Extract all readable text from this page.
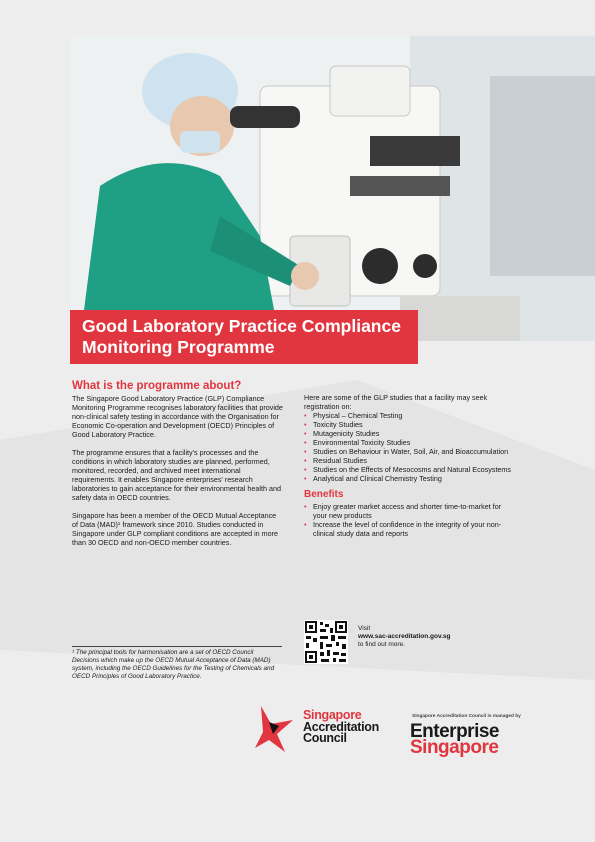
Good Laboratory Practice Compliance
Monitoring Programme
What is the programme about?

The Singapore Good Laboratory Practice (GLP) Compliance Monitoring Programme recognises laboratory facilities that provide non-clinical safety testing in accordance with the Organisation for Economic Co-operation and Development (OECD) Principles of Good Laboratory Practice.

The programme ensures that a facility's processes and the conditions in which laboratory studies are planned, performed, monitored, recorded, and archived meet international requirements. It enables Singapore enterprises' research laboratories to gain acceptance for their environmental health and safety data in OECD countries.

Singapore has been a member of the OECD Mutual Acceptance of Data (MAD)¹ framework since 2010. Studies conducted in Singapore under GLP compliant conditions are accepted in more than 30 OECD and non-OECD member countries.

¹ The principal tools for harmonisation are a set of OECD Council Decisions which make up the OECD Mutual Acceptance of Data (MAD) system, including the OECD Guidelines for the Testing of Chemicals and OECD Principles of Good Laboratory Practice.

Here are some of the GLP studies that a facility may seek registration on:

• Physical – Chemical Testing
• Toxicity Studies
• Mutagenicity Studies
• Environmental Toxicity Studies
• Studies on Behaviour in Water, Soil, Air, and Bioaccumulation
• Residual Studies
• Studies on the Effects of Mesocosms and Natural Ecosystems
• Analytical and Clinical Chemistry Testing
Benefits
• Enjoy greater market access and shorter time-to-market for your new products
• Increase the level of confidence in the integrity of your non-clinical study data and reports
Visit
www.sac-accreditation.gov.sg
to find out more.
Singapore
Accreditation
Council
Singapore Accreditation Council is managed by
Enterprise
Singapore
